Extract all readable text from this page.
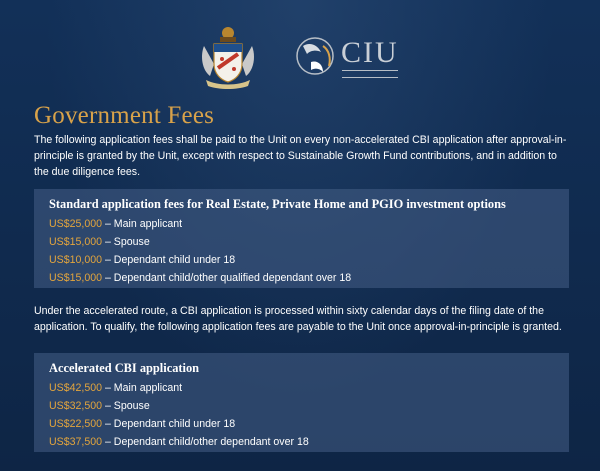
CIU
Government Fees

The following application fees shall be paid to the Unit on every non-accelerated CBI application after approval-in-principle is granted by the Unit, except with respect to Sustainable Growth Fund contributions, and in addition to the due diligence fees.

Standard application fees for Real Estate, Private Home and PGIO investment options
US$25,000 – Main applicant
US$15,000 – Spouse
US$10,000 – Dependant child under 18
US$15,000 – Dependant child/other qualified dependant over 18

Under the accelerated route, a CBI application is processed within sixty calendar days of the filing date of the application. To qualify, the following application fees are payable to the Unit once approval-in-principle is granted.

Accelerated CBI application
US$42,500 – Main applicant
US$32,500 – Spouse
US$22,500 – Dependant child under 18
US$37,500 – Dependant child/other dependant over 18
